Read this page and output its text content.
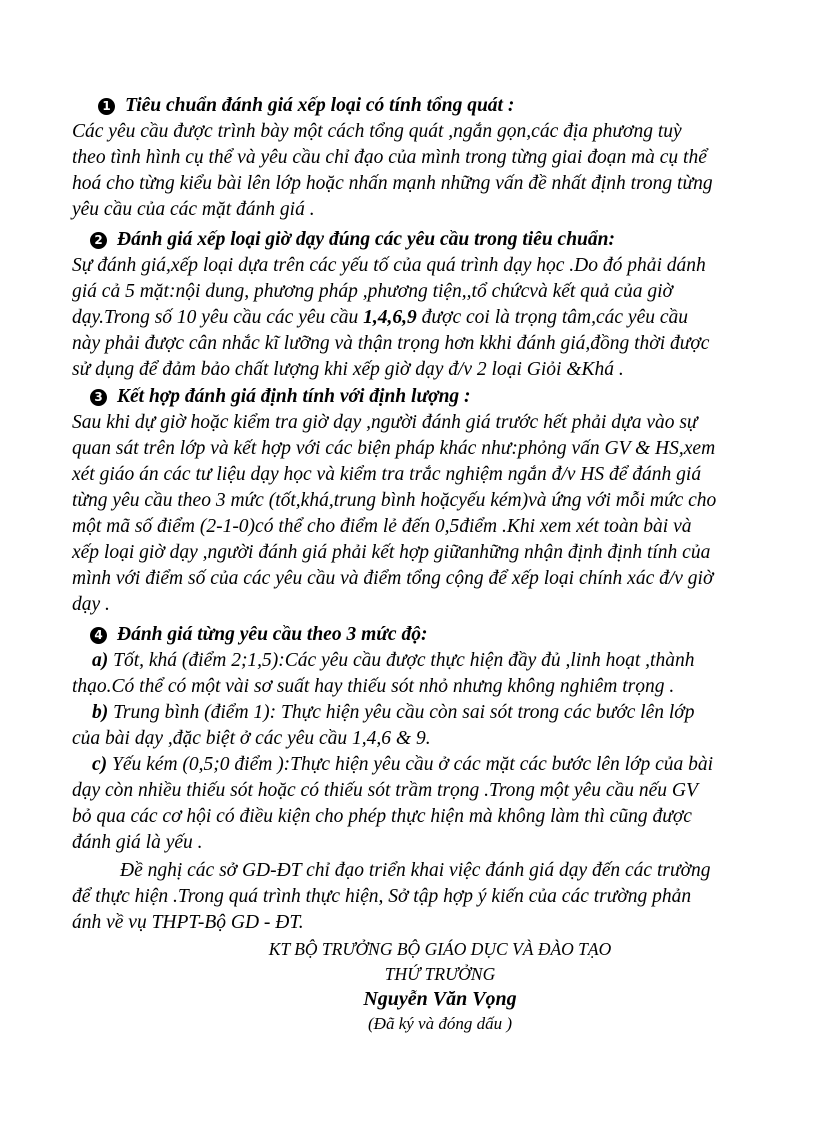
1 Tiêu chuẩn đánh giá xếp loại có tính tổng quát :
Các yêu cầu được trình bày một cách tổng quát ,ngắn gọn,các địa phương tuỳ
theo tình hình cụ thể và yêu cầu chỉ đạo của mình trong từng giai đoạn mà cụ thể
hoá cho từng kiểu bài lên lớp hoặc nhấn mạnh những vấn đề nhất định trong từng
yêu cầu của các mặt đánh giá .
2 Đánh giá xếp loại giờ dạy đúng các yêu cầu trong tiêu chuẩn:
Sự đánh giá,xếp loại dựa trên các yếu tố của quá trình dạy học .Do đó phải dánh
giá cả 5 mặt:nội dung, phương pháp ,phương tiện,,tổ chứcvà kết quả của giờ
dạy.Trong số 10 yêu cầu các yêu cầu 1,4,6,9 được coi là trọng tâm,các yêu cầu
này phải được cân nhắc kĩ lưỡng và thận trọng hơn kkhi đánh giá,đồng thời được
sử dụng để đảm bảo chất lượng khi xếp giờ dạy đ/v 2 loại Giỏi &Khá .
3 Kết hợp đánh giá định tính với định lượng :
Sau khi dự giờ hoặc kiểm tra giờ dạy ,người đánh giá trước hết phải dựa vào sự
quan sát trên lớp và kết hợp với các biện pháp khác như:phỏng vấn GV & HS,xem
xét giáo án các tư liệu dạy học và kiểm tra trắc nghiệm ngắn đ/v HS để đánh giá
từng yêu cầu theo 3 mức (tốt,khá,trung bình hoặcyếu kém)và ứng với mỗi mức cho
một mã số điểm (2-1-0)có thể cho điểm lẻ đến 0,5điểm .Khi xem xét toàn bài và
xếp loại giờ dạy ,người đánh giá phải kết hợp giữanhững nhận định định tính của
mình với điểm số của các yêu cầu và điểm tổng cộng để xếp loại chính xác đ/v giờ
dạy .
4 Đánh giá từng yêu cầu theo 3 mức độ:
a) Tốt, khá (điểm 2;1,5):Các yêu cầu được thực hiện đầy đủ ,linh hoạt ,thành
thạo.Có thể có một vài sơ suất hay thiếu sót nhỏ nhưng không nghiêm trọng .
b) Trung bình (điểm 1): Thực hiện yêu cầu còn sai sót trong các bước lên lớp
của bài dạy ,đặc biệt ở các yêu cầu 1,4,6 & 9.
c) Yếu kém (0,5;0 điểm ):Thực hiện yêu cầu ở các mặt các bước lên lớp của bài
dạy còn nhiều thiếu sót hoặc có thiếu sót trầm trọng .Trong một yêu cầu nếu GV
bỏ qua các cơ hội có điều kiện cho phép thực hiện mà không làm thì cũng được
đánh giá là yếu .
Đề nghị các sở GD-ĐT chỉ đạo triển khai việc đánh giá dạy đến các trường
để thực hiện .Trong quá trình thực hiện, Sở tập hợp ý kiến của các trường phản
ánh về vụ THPT-Bộ GD - ĐT.
KT BỘ TRƯỞNG BỘ GIÁO DỤC VÀ ĐÀO TẠO
THỨ TRƯỞNG
Nguyễn Văn Vọng
(Đã ký và đóng dấu )
